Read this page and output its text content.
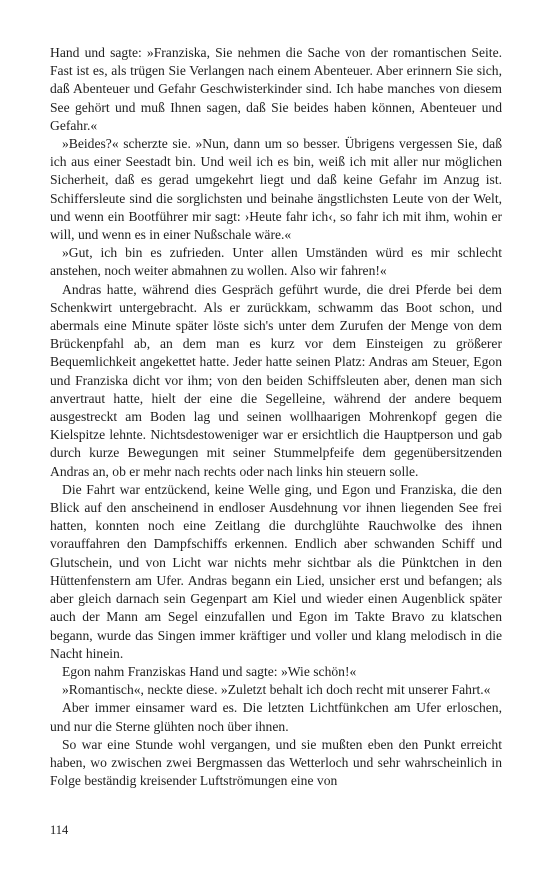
Hand und sagte: »Franziska, Sie nehmen die Sache von der romantischen Seite. Fast ist es, als trügen Sie Verlangen nach einem Abenteuer. Aber erinnern Sie sich, daß Abenteuer und Gefahr Geschwisterkinder sind. Ich habe manches von diesem See gehört und muß Ihnen sagen, daß Sie beides haben können, Abenteuer und Gefahr.«

»Beides?« scherzte sie. »Nun, dann um so besser. Übrigens vergessen Sie, daß ich aus einer Seestadt bin. Und weil ich es bin, weiß ich mit aller nur möglichen Sicherheit, daß es gerad umgekehrt liegt und daß keine Gefahr im Anzug ist. Schiffersleute sind die sorglichsten und beinahe ängstlichsten Leute von der Welt, und wenn ein Bootführer mir sagt: ›Heute fahr ich‹, so fahr ich mit ihm, wohin er will, und wenn es in einer Nußschale wäre.«

»Gut, ich bin es zufrieden. Unter allen Umständen würd es mir schlecht anstehen, noch weiter abmahnen zu wollen. Also wir fahren!«

Andras hatte, während dies Gespräch geführt wurde, die drei Pferde bei dem Schenkwirt untergebracht. Als er zurückkam, schwamm das Boot schon, und abermals eine Minute später löste sich's unter dem Zurufen der Menge von dem Brückenpfahl ab, an dem man es kurz vor dem Einsteigen zu größerer Bequemlichkeit angekettet hatte. Jeder hatte seinen Platz: Andras am Steuer, Egon und Franziska dicht vor ihm; von den beiden Schiffsleuten aber, denen man sich anvertraut hatte, hielt der eine die Segelleine, während der andere bequem ausgestreckt am Boden lag und seinen wollhaarigen Mohrenkopf gegen die Kielspitze lehnte. Nichtsdestoweniger war er ersichtlich die Hauptperson und gab durch kurze Bewegungen mit seiner Stummelpfeife dem gegenübersitzenden Andras an, ob er mehr nach rechts oder nach links hin steuern solle.

Die Fahrt war entzückend, keine Welle ging, und Egon und Franziska, die den Blick auf den anscheinend in endloser Ausdehnung vor ihnen liegenden See frei hatten, konnten noch eine Zeitlang die durchglühte Rauchwolke des ihnen vorauffahren den Dampfschiffs erkennen. Endlich aber schwanden Schiff und Glutschein, und von Licht war nichts mehr sichtbar als die Pünktchen in den Hüttenfenstern am Ufer. Andras begann ein Lied, unsicher erst und befangen; als aber gleich darnach sein Gegenpart am Kiel und wieder einen Augenblick später auch der Mann am Segel einzufallen und Egon im Takte Bravo zu klatschen begann, wurde das Singen immer kräftiger und voller und klang melodisch in die Nacht hinein.

Egon nahm Franziskas Hand und sagte: »Wie schön!«

»Romantisch«, neckte diese. »Zuletzt behalt ich doch recht mit unserer Fahrt.«

Aber immer einsamer ward es. Die letzten Lichtfünkchen am Ufer erloschen, und nur die Sterne glühten noch über ihnen.

So war eine Stunde wohl vergangen, und sie mußten eben den Punkt erreicht haben, wo zwischen zwei Bergmassen das Wetterloch und sehr wahrscheinlich in Folge beständig kreisender Luftströmungen eine von

114
